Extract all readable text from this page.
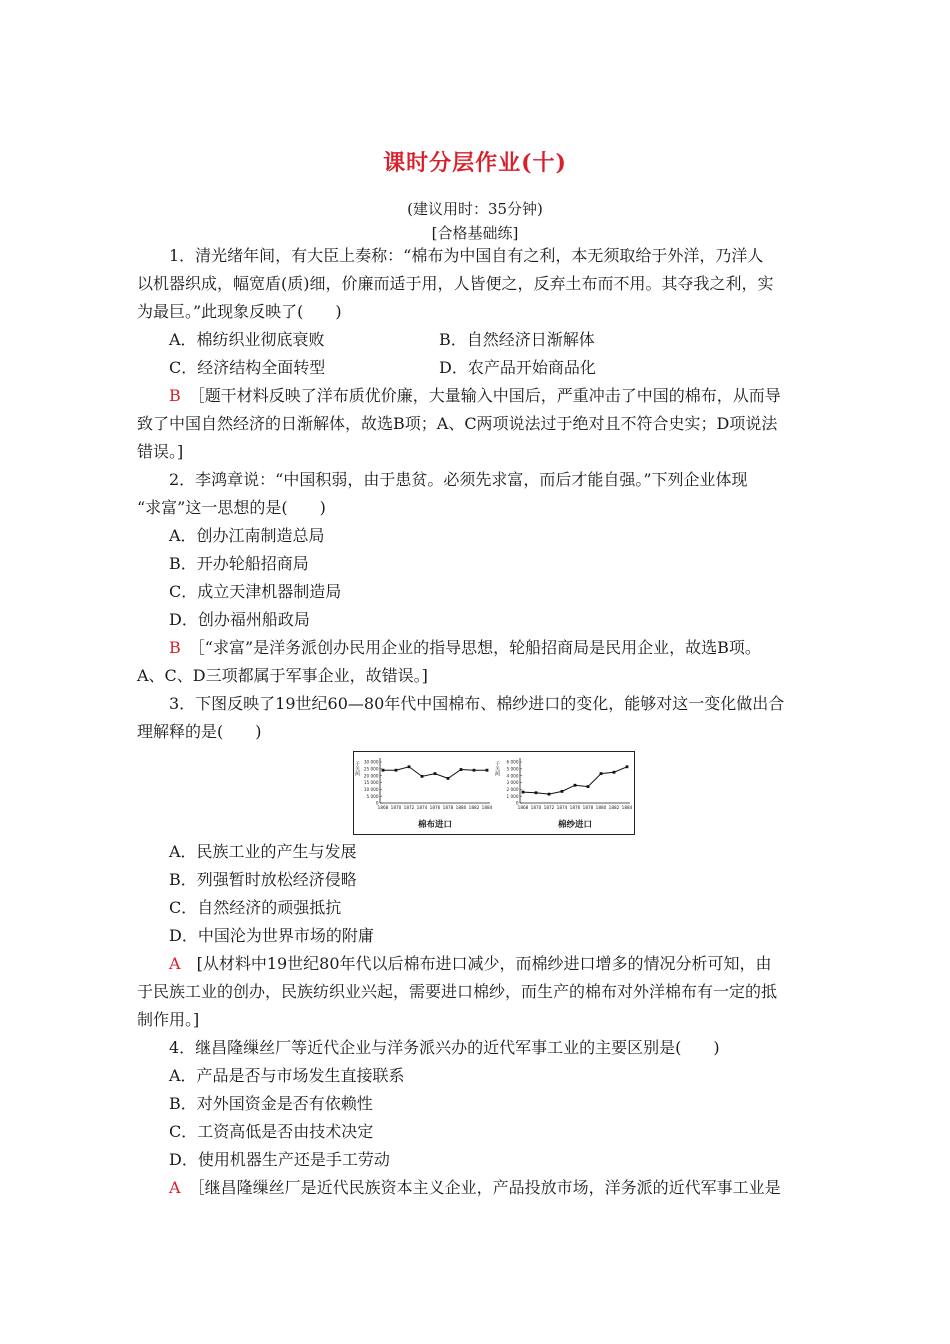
课时分层作业(十)
(建议用时：35分钟)
[合格基础练]

1．清光绪年间，有大臣上奏称：“棉布为中国自有之利，本无须取给于外洋，乃洋人

以机器织成，幅宽盾(质)细，价廉而适于用，人皆便之，反弃土布而不用。其夺我之利，实

为最巨。”此现象反映了(　　)

A．棉纺织业彻底衰败	B．自然经济日渐解体
C．经济结构全面转型	D．农产品开始商品化

B　 ［题干材料反映了洋布质优价廉，大量输入中国后，严重冲击了中国的棉布，从而导

致了中国自然经济的日渐解体，故选B项；A、C两项说法过于绝对且不符合史实；D项说法

错误。]

2．李鸿章说：“中国积弱，由于患贫。必须先求富，而后才能自强。”下列企业体现

“求富”这一思想的是(　　)

A．创办江南制造总局

B．开办轮船招商局

C．成立天津机器制造局

D．创办福州船政局

B　 ［“求富”是洋务派创办民用企业的指导思想，轮船招商局是民用企业，故选B项。

A、C、D三项都属于军事企业，故错误。]

3．下图反映了19世纪60—80年代中国棉布、棉纱进口的变化，能够对这一变化做出合

理解释的是(　　)

千关两
0
5 000
10 000
15 000
20 000
25 000
30 000
1868 1870 1872 1874 1876 1878 1880 1882 1884
棉布进口
千关两
0
1 000
2 000
3 000
4 000
5 000
6 000
1868 1870 1872 1874 1876 1878 1880 1882 1884
棉纱进口

A．民族工业的产生与发展

B．列强暂时放松经济侵略

C．自然经济的顽强抵抗

D．中国沦为世界市场的附庸

A　 [从材料中19世纪80年代以后棉布进口减少，而棉纱进口增多的情况分析可知，由

于民族工业的创办，民族纺织业兴起，需要进口棉纱，而生产的棉布对外洋棉布有一定的抵

制作用。]

4．继昌隆缫丝厂等近代企业与洋务派兴办的近代军事工业的主要区别是(　　)

A．产品是否与市场发生直接联系

B．对外国资金是否有依赖性

C．工资高低是否由技术决定

D．使用机器生产还是手工劳动

A　 ［继昌隆缫丝厂是近代民族资本主义企业，产品投放市场，洋务派的近代军事工业是
